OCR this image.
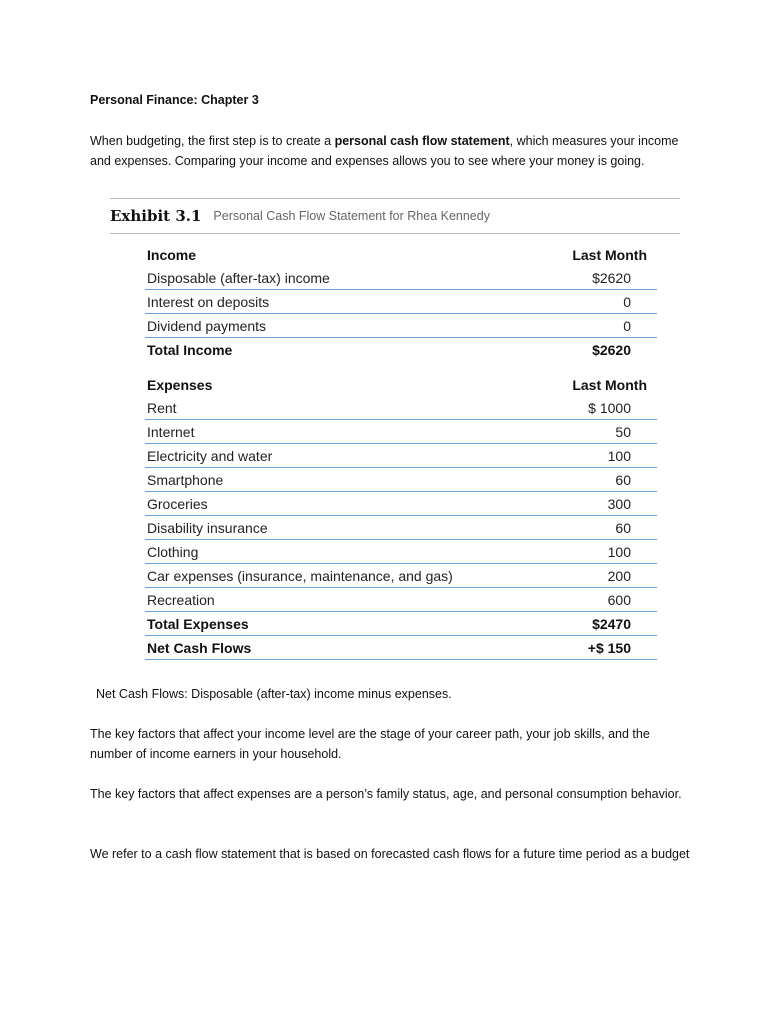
Personal Finance: Chapter 3

When budgeting, the first step is to create a personal cash flow statement, which measures your income and expenses. Comparing your income and expenses allows you to see where your money is going.

Exhibit 3.1 Personal Cash Flow Statement for Rhea Kennedy
Income	Last Month
Disposable (after-tax) income	$2620
Interest on deposits	0
Dividend payments	0
Total Income	$2620
Expenses	Last Month
Rent	$ 1000
Internet	50
Electricity and water	100
Smartphone	60
Groceries	300
Disability insurance	60
Clothing	100
Car expenses (insurance, maintenance, and gas)	200
Recreation	600
Total Expenses	$2470
Net Cash Flows	+$ 150

Net Cash Flows: Disposable (after-tax) income minus expenses.

The key factors that affect your income level are the stage of your career path, your job skills, and the number of income earners in your household.

The key factors that affect expenses are a person’s family status, age, and personal consumption behavior.

We refer to a cash flow statement that is based on forecasted cash flows for a future time period as a budget
